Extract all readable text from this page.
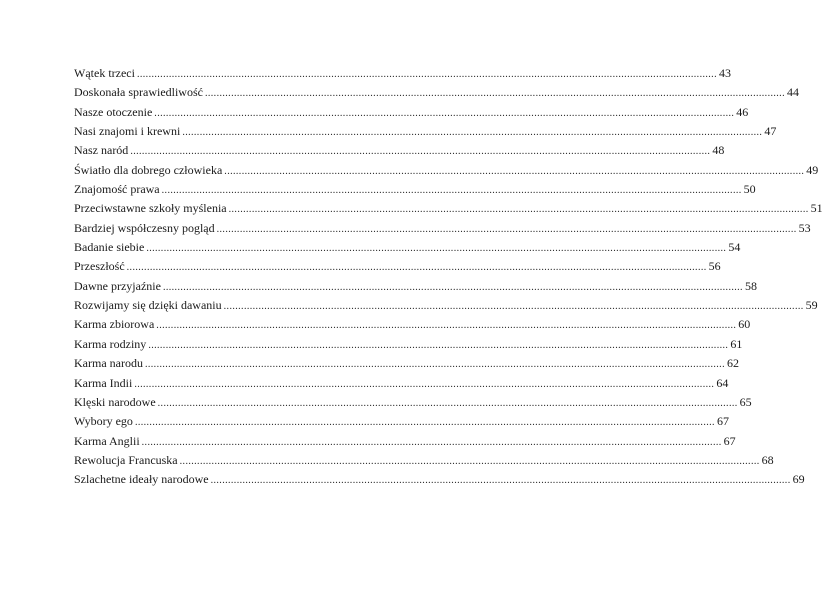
Wątek trzeci ........................................................................................................................................................................................................ 43
Doskonała sprawiedliwość ........................................................................................................................................................................................................ 44
Nasze otoczenie ........................................................................................................................................................................................................ 46
Nasi znajomi i krewni ........................................................................................................................................................................................................ 47
Nasz naród ........................................................................................................................................................................................................ 48
Światło dla dobrego człowieka ........................................................................................................................................................................................................ 49
Znajomość prawa ........................................................................................................................................................................................................ 50
Przeciwstawne szkoły myślenia ........................................................................................................................................................................................................ 51
Bardziej współczesny pogląd ........................................................................................................................................................................................................ 53
Badanie siebie ........................................................................................................................................................................................................ 54
Przeszłość ........................................................................................................................................................................................................ 56
Dawne przyjaźnie ........................................................................................................................................................................................................ 58
Rozwijamy się dzięki dawaniu ........................................................................................................................................................................................................ 59
Karma zbiorowa ........................................................................................................................................................................................................ 60
Karma rodziny ........................................................................................................................................................................................................ 61
Karma narodu ........................................................................................................................................................................................................ 62
Karma Indii ........................................................................................................................................................................................................ 64
Klęski narodowe ........................................................................................................................................................................................................ 65
Wybory ego ........................................................................................................................................................................................................ 67
Karma Anglii ........................................................................................................................................................................................................ 67
Rewolucja Francuska ........................................................................................................................................................................................................ 68
Szlachetne ideały narodowe ........................................................................................................................................................................................................ 69
